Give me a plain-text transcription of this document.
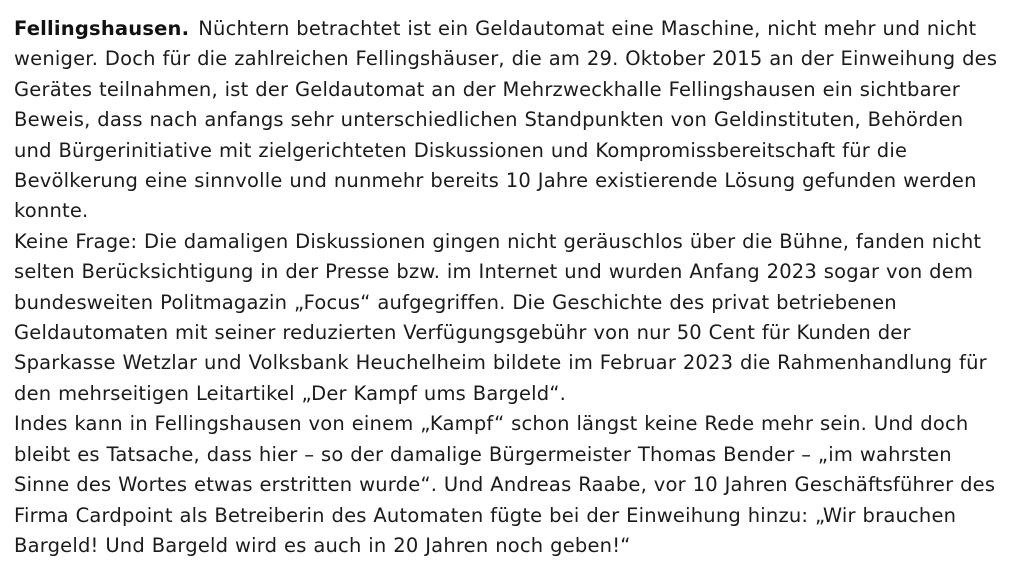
Fellingshausen. Nüchtern betrachtet ist ein Geldautomat eine Maschine, nicht mehr und nicht weniger. Doch für die zahlreichen Fellingshäuser, die am 29. Oktober 2015 an der Einweihung des Gerätes teilnahmen, ist der Geldautomat an der Mehrzweckhalle Fellingshausen ein sichtbarer Beweis, dass nach anfangs sehr unterschiedlichen Standpunkten von Geldinstituten, Behörden und Bürgerinitiative mit zielgerichteten Diskussionen und Kompromissbereitschaft für die Bevölkerung eine sinnvolle und nunmehr bereits 10 Jahre existierende Lösung gefunden werden konnte.

Keine Frage: Die damaligen Diskussionen gingen nicht geräuschlos über die Bühne, fanden nicht selten Berücksichtigung in der Presse bzw. im Internet und wurden Anfang 2023 sogar von dem bundesweiten Politmagazin „Focus“ aufgegriffen. Die Geschichte des privat betriebenen Geldautomaten mit seiner reduzierten Verfügungsgebühr von nur 50 Cent für Kunden der Sparkasse Wetzlar und Volksbank Heuchelheim bildete im Februar 2023 die Rahmenhandlung für den mehrseitigen Leitartikel „Der Kampf ums Bargeld“.

Indes kann in Fellingshausen von einem „Kampf“ schon längst keine Rede mehr sein. Und doch bleibt es Tatsache, dass hier – so der damalige Bürgermeister Thomas Bender – „im wahrsten Sinne des Wortes etwas erstritten wurde“. Und Andreas Raabe, vor 10 Jahren Geschäftsführer des Firma Cardpoint als Betreiberin des Automaten fügte bei der Einweihung hinzu: „Wir brauchen Bargeld! Und Bargeld wird es auch in 20 Jahren noch geben!“
